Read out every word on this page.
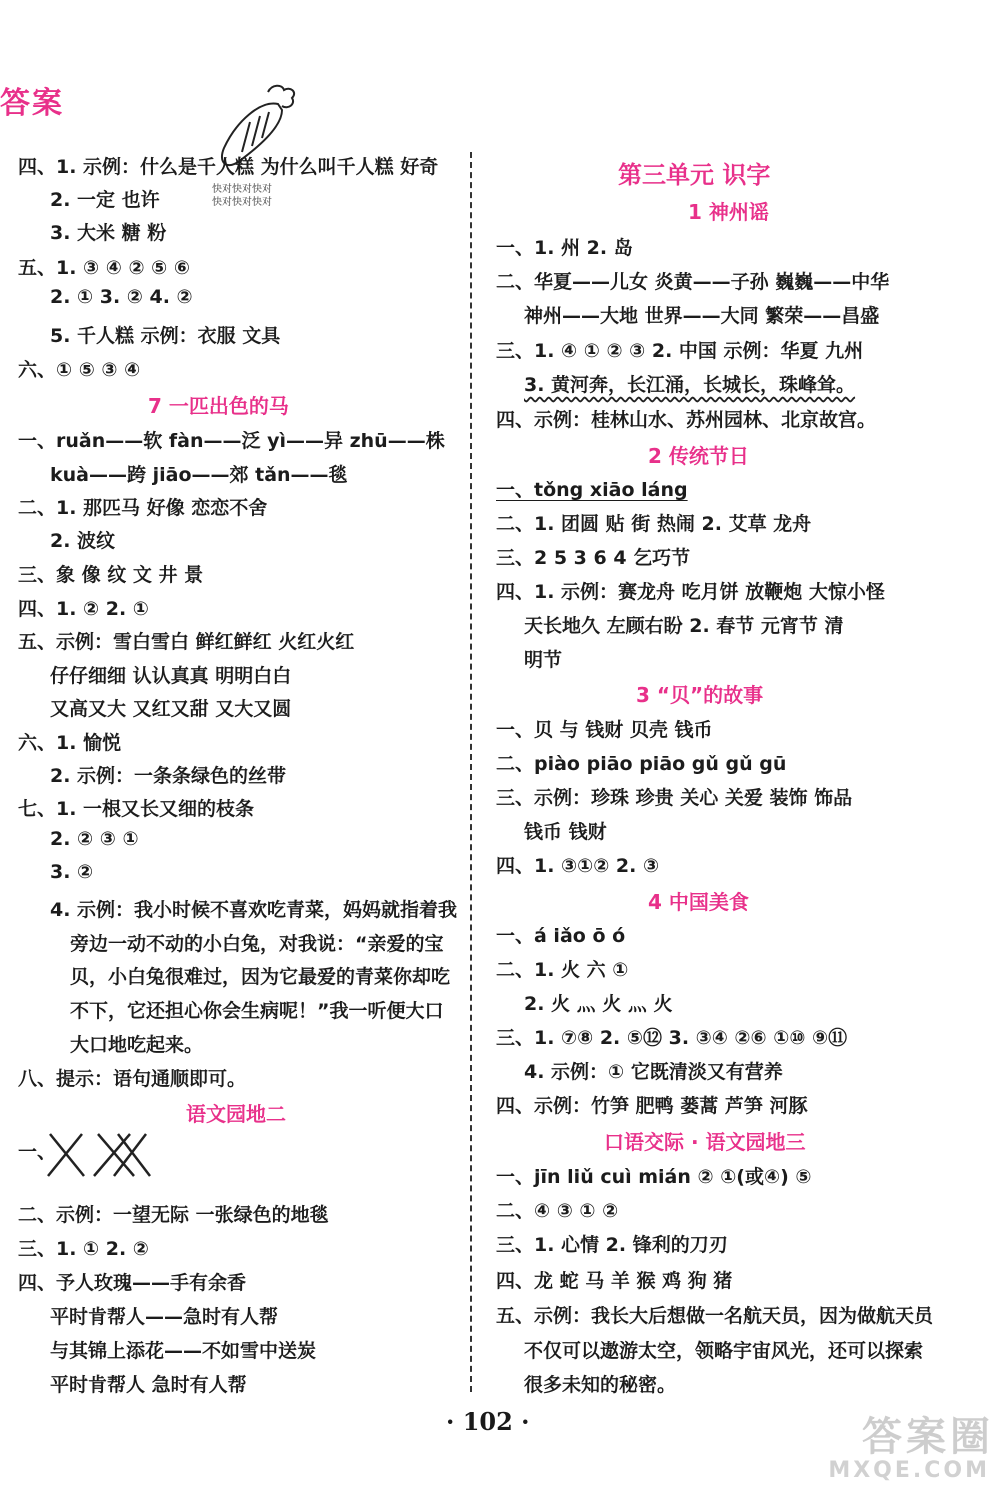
答案
快对快对快对
快对快对快对
四、1. 示例：什么是千人糕 为什么叫千人糕 好奇
2. 一定 也许
3. 大米 糖 粉
五、1. ③ ④ ② ⑤ ⑥
2. ① 3. ② 4. ②
5. 千人糕 示例：衣服 文具
六、① ⑤ ③ ④
7 一匹出色的马
一、ruǎn——软 fàn——泛 yì——异 zhū——株
kuà——跨 jiāo——郊 tǎn——毯
二、1. 那匹马 好像 恋恋不舍
2. 波纹
三、象 像 纹 文 井 景
四、1. ② 2. ①
五、示例：雪白雪白 鲜红鲜红 火红火红
仔仔细细 认认真真 明明白白
又高又大 又红又甜 又大又圆
六、1. 愉悦
2. 示例：一条条绿色的丝带
七、1. 一根又长又细的枝条
2. ② ③ ①
3. ②
4. 示例：我小时候不喜欢吃青菜，妈妈就指着我
旁边一动不动的小白兔，对我说：“亲爱的宝
贝，小白兔很难过，因为它最爱的青菜你却吃
不下，它还担心你会生病呢！”我一听便大口
大口地吃起来。
八、提示：语句通顺即可。
语文园地二
一、
二、示例：一望无际 一张绿色的地毯
三、1. ① 2. ②
四、予人玫瑰——手有余香
平时肯帮人——急时有人帮
与其锦上添花——不如雪中送炭
平时肯帮人 急时有人帮
第三单元 识字
1 神州谣
一、1. 州 2. 岛
二、华夏——儿女 炎黄——子孙 巍巍——中华
神州——大地 世界——大同 繁荣——昌盛
三、1. ④ ① ② ③ 2. 中国 示例：华夏 九州
3. 黄河奔，长江涌，长城长，珠峰耸。
四、示例：桂林山水、苏州园林、北京故宫。
2 传统节日
一、tǒng xiāo láng
二、1. 团圆 贴 街 热闹 2. 艾草 龙舟
三、2 5 3 6 4 乞巧节
四、1. 示例：赛龙舟 吃月饼 放鞭炮 大惊小怪
天长地久 左顾右盼 2. 春节 元宵节 清
明节
3 “贝”的故事
一、贝 与 钱财 贝壳 钱币
二、piào piāo piāo gǔ gǔ gū
三、示例：珍珠 珍贵 关心 关爱 装饰 饰品
钱币 钱财
四、1. ③①② 2. ③
4 中国美食
一、á iǎo ō ó
二、1. 火 六 ①
2. 火 灬 火 灬 火
三、1. ⑦⑧ 2. ⑤⑫ 3. ③④ ②⑥ ①⑩ ⑨⑪
4. 示例：① 它既清淡又有营养
四、示例：竹笋 肥鸭 蒌蒿 芦笋 河豚
口语交际 · 语文园地三
一、jīn liǔ cuì mián ② ①(或④) ⑤
二、④ ③ ① ②
三、1. 心情 2. 锋利的刀刃
四、龙 蛇 马 羊 猴 鸡 狗 猪
五、示例：我长大后想做一名航天员，因为做航天员
不仅可以遨游太空，领略宇宙风光，还可以探索
很多未知的秘密。
· 102 ·	答案圈
MXQE.COM
